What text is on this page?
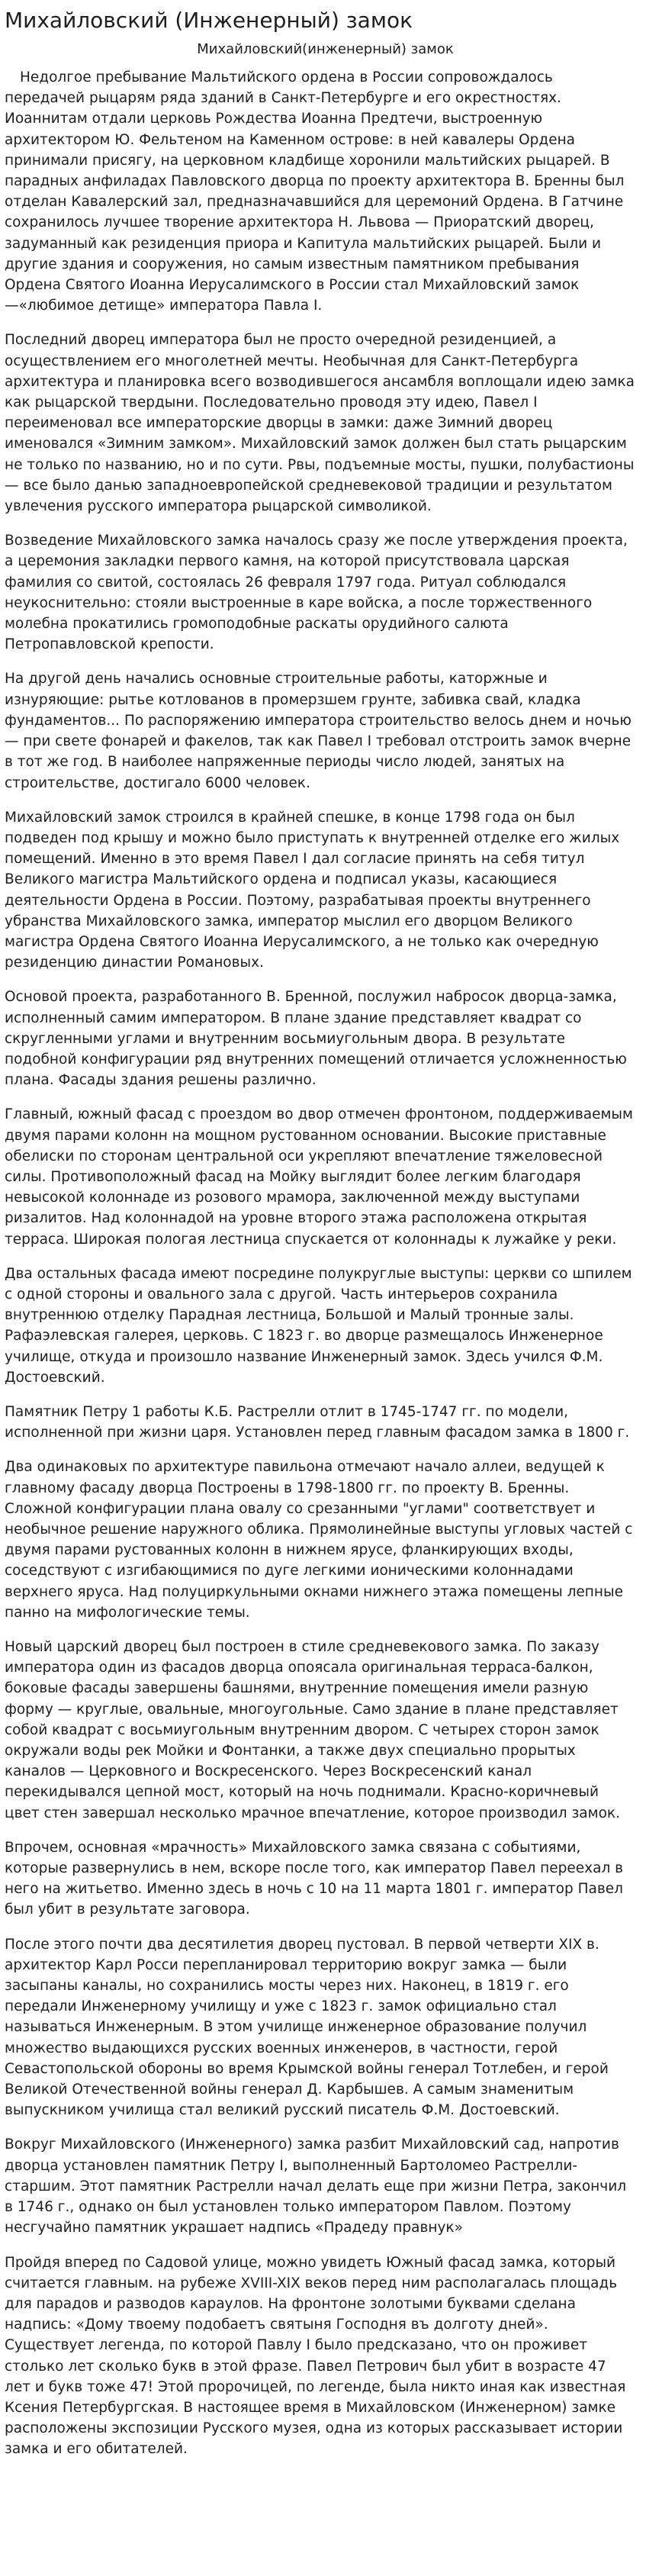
Михайловский (Инженерный) замок
Михайловский(инженерный) замок

Недолгое пребывание Мальтийского ордена в России сопровождалось передачей рыцарям ряда зданий в Санкт-Петербурге и его окрестностях. Иоаннитам отдали церковь Рождества Иоанна Предтечи, выстроенную архитектором Ю. Фельтеном на Каменном острове: в ней кавалеры Ордена принимали присягу, на церковном кладбище хоронили мальтийских рыцарей. В парадных анфиладах Павловского дворца по проекту архитектора В. Бренны был отделан Кавалерский зал, предназначавшийся для церемоний Ордена. В Гатчине сохранилось лучшее творение архитектора Н. Львова — Приоратский дворец, задуманный как резиденция приора и Капитула мальтийских рыцарей. Были и другие здания и сооружения, но самым известным памятником пребывания Ордена Святого Иоанна Иерусалимского в России стал Михайловский замок—«любимое детище» императора Павла I.

Последний дворец императора был не просто очередной резиденцией, а осуществлением его многолетней мечты. Необычная для Санкт-Петербурга архитектура и планировка всего возводившегося ансамбля воплощали идею замка как рыцарской твердыни. Последовательно проводя эту идею, Павел I переименовал все императорские дворцы в замки: даже Зимний дворец именовался «Зимним замком». Михайловский замок должен был стать рыцарским не только по названию, но и по сути. Рвы, подъемные мосты, пушки, полубастионы — все было данью западноевропейской средневековой традиции и результатом увлечения русского императора рыцарской символикой.

Возведение Михайловского замка началось сразу же после утверждения проекта, а церемония закладки первого камня, на которой присутствовала царская фамилия со свитой, состоялась 26 февраля 1797 года. Ритуал соблюдался неукоснительно: стояли выстроенные в каре войска, а после торжественного молебна прокатились громоподобные раскаты орудийного салюта Петропавловской крепости.

На другой день начались основные строительные работы, каторжные и изнуряющие: рытье котлованов в промерзшем грунте, забивка свай, кладка фундаментов... По распоряжению императора строительство велось днем и ночью — при свете фонарей и факелов, так как Павел I требовал отстроить замок вчерне в тот же год. В наиболее напряженные периоды число людей, занятых на строительстве, достигало 6000 человек.

Михайловский замок строился в крайней спешке, в конце 1798 года он был подведен под крышу и можно было приступать к внутренней отделке его жилых помещений. Именно в это время Павел I дал согласие принять на себя титул Великого магистра Мальтийского ордена и подписал указы, касающиеся деятельности Ордена в России. Поэтому, разрабатывая проекты внутреннего убранства Михайловского замка, император мыслил его дворцом Великого магистра Ордена Святого Иоанна Иерусалимского, а не только как очередную резиденцию династии Романовых.

Основой проекта, разработанного В. Бренной, послужил набросок дворца-замка, исполненный самим императором. В плане здание представляет квадрат со скругленными углами и внутренним восьмиугольным двора. В результате подобной конфигурации ряд внутренних помещений отличается усложненностью плана. Фасады здания решены различно.

Главный, южный фасад с проездом во двор отмечен фронтоном, поддерживаемым двумя парами колонн на мощном рустованном основании. Высокие приставные обелиски по сторонам центральной оси укрепляют впечатление тяжеловесной силы. Противоположный фасад на Мойку выглядит более легким благодаря невысокой колоннаде из розового мрамора, заключенной между выступами ризалитов. Над колоннадой на уровне второго этажа расположена открытая терраса. Широкая пологая лестница спускается от колоннады к лужайке у реки.

Два остальных фасада имеют посредине полукруглые выступы: церкви со шпилем с одной стороны и овального зала с другой. Часть интерьеров сохранила внутреннюю отделку Парадная лестница, Большой и Малый тронные залы. Рафаэлевская галерея, церковь. С 1823 г. во дворце размещалось Инженерное училище, откуда и произошло название Инженерный замок. Здесь учился Ф.М. Достоевский.

Памятник Петру 1 работы К.Б. Растрелли отлит в 1745-1747 гг. по модели, исполненной при жизни царя. Установлен перед главным фасадом замка в 1800 г.

Два одинаковых по архитектуре павильона отмечают начало аллеи, ведущей к главному фасаду дворца Построены в 1798-1800 гг. по проекту В. Бренны. Сложной конфигурации плана овалу со срезанными "углами" соответствует и необычное решение наружного облика. Прямолинейные выступы угловых частей с двумя парами рустованных колонн в нижнем ярусе, фланкирующих входы, соседствуют с изгибающимися по дуге легкими ионическими колоннадами верхнего яруса. Над полуциркульными окнами нижнего этажа помещены лепные панно на мифологические темы.

Новый царский дворец был построен в стиле средневекового замка. По заказу императора один из фасадов дворца опоясала оригинальная терраса-балкон, боковые фасады завершены башнями, внутренние помещения имели разную форму — круглые, овальные, многоугольные. Само здание в плане представляет собой квадрат с восьмиугольным внутренним двором. С четырех сторон замок окружали воды рек Мойки и Фонтанки, а также двух специально прорытых каналов — Церковного и Воскресенского. Через Воскресенский канал перекидывался цепной мост, который на ночь поднимали. Красно-коричневый цвет стен завершал несколько мрачное впечатление, которое производил замок.

Впрочем, основная «мрачность» Михайловского замка связана с событиями, которые развернулись в нем, вскоре после того, как император Павел переехал в него на житьетво. Именно здесь в ночь с 10 на 11 марта 1801 г. император Павел был убит в результате заговора.

После этого почти два десятилетия дворец пустовал. В первой четверти XIX в. архитектор Карл Росси перепланировал территорию вокруг замка — были засыпаны каналы, но сохранились мосты через них. Наконец, в 1819 г. его передали Инженерному училищу и уже с 1823 г. замок официально стал называться Инженерным. В этом училище инженерное образование получил множество выдающихся русских военных инженеров, в частности, герой Севастопольской обороны во время Крымской войны генерал Тотлебен, и герой Великой Отечественной войны генерал Д. Карбышев. А самым знаменитым выпускником училища стал великий русский писатель Ф.М. Достоевский.

Вокруг Михайловского (Инженерного) замка разбит Михайловский сад, напротив дворца установлен памятник Петру I, выполненный Бартоломео Растрелли-старшим. Этот памятник Растрелли начал делать еще при жизни Петра, закончил в 1746 г., однако он был установлен только императором Павлом. Поэтому несгучайно памятник украшает надпись «Прадеду правнук»

Пройдя вперед по Садовой улице, можно увидеть Южный фасад замка, который считается главным. на рубеже XVIII-XIX веков перед ним располагалась площадь для парадов и разводов караулов. На фронтоне золотыми буквами сделана надпись: «Дому твоему подобаетъ святыня Господня въ долготу дней». Существует легенда, по которой Павлу I было предсказано, что он проживет столько лет сколько букв в этой фразе. Павел Петрович был убит в возрасте 47 лет и букв тоже 47! Этой пророчицей, по легенде, была никто иная как известная Ксения Петербургская. В настоящее время в Михайловском (Инженерном) замке расположены экспозиции Русского музея, одна из которых рассказывает истории замка и его обитателей.
